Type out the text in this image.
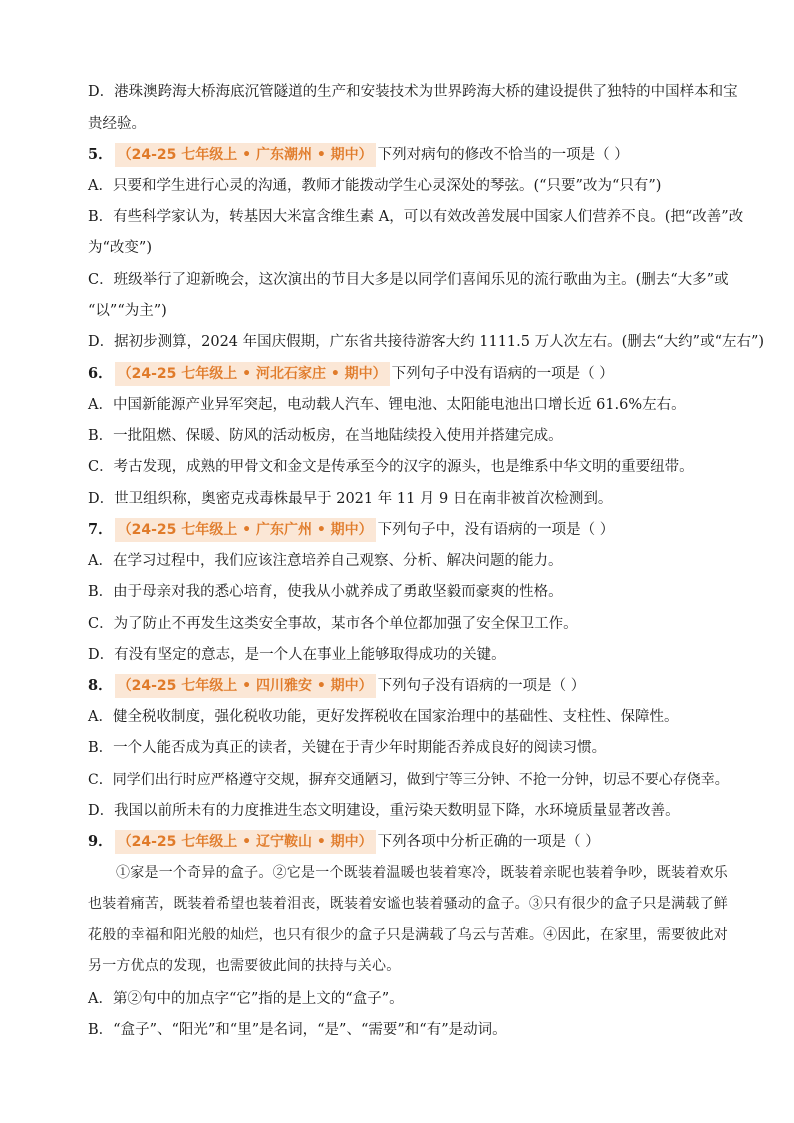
D．港珠澳跨海大桥海底沉管隧道的生产和安装技术为世界跨海大桥的建设提供了独特的中国样本和宝
贵经验。
5． （24-25 七年级上 • 广东潮州 • 期中） 下列对病句的修改不恰当的一项是（ ）
A．只要和学生进行心灵的沟通，教师才能拨动学生心灵深处的琴弦。(“只要”改为“只有”)
B．有些科学家认为，转基因大米富含维生素 A，可以有效改善发展中国家人们营养不良。(把“改善”改
为“改变”)
C．班级举行了迎新晚会，这次演出的节目大多是以同学们喜闻乐见的流行歌曲为主。(删去“大多”或
“以”“为主”)
D．据初步测算，2024 年国庆假期，广东省共接待游客大约 1111.5 万人次左右。(删去“大约”或“左右”)
6． （24-25 七年级上 • 河北石家庄 • 期中） 下列句子中没有语病的一项是（ ）
A．中国新能源产业异军突起，电动载人汽车、锂电池、太阳能电池出口增长近 61.6%左右。
B．一批阻燃、保暖、防风的活动板房，在当地陆续投入使用并搭建完成。
C．考古发现，成熟的甲骨文和金文是传承至今的汉字的源头，也是维系中华文明的重要纽带。
D．世卫组织称，奥密克戎毒株最早于 2021 年 11 月 9 日在南非被首次检测到。
7． （24-25 七年级上 • 广东广州 • 期中） 下列句子中，没有语病的一项是（ ）
A．在学习过程中，我们应该注意培养自己观察、分析、解决问题的能力。
B．由于母亲对我的悉心培育，使我从小就养成了勇敢坚毅而豪爽的性格。
C．为了防止不再发生这类安全事故，某市各个单位都加强了安全保卫工作。
D．有没有坚定的意志，是一个人在事业上能够取得成功的关键。
8． （24-25 七年级上 • 四川雅安 • 期中） 下列句子没有语病的一项是（ ）
A．健全税收制度，强化税收功能，更好发挥税收在国家治理中的基础性、支柱性、保障性。
B．一个人能否成为真正的读者，关键在于青少年时期能否养成良好的阅读习惯。
C．同学们出行时应严格遵守交规，摒弃交通陋习，做到宁等三分钟、不抢一分钟，切忌不要心存侥幸。
D．我国以前所未有的力度推进生态文明建设，重污染天数明显下降，水环境质量显著改善。
9． （24-25 七年级上 • 辽宁鞍山 • 期中） 下列各项中分析正确的一项是（ ）

①家是一个奇异的盒子。②它是一个既装着温暖也装着寒冷，既装着亲昵也装着争吵，既装着欢乐也装着痛苦，既装着希望也装着泪丧，既装着安谧也装着骚动的盒子。③只有很少的盒子只是满载了鲜花般的幸福和阳光般的灿烂，也只有很少的盒子只是满载了乌云与苦难。④因此，在家里，需要彼此对另一方优点的发现，也需要彼此间的扶持与关心。

A．第②句中的加点字“它”指的是上文的“盒子”。
B．“盒子”、“阳光”和“里”是名词，“是”、“需要”和“有”是动词。
